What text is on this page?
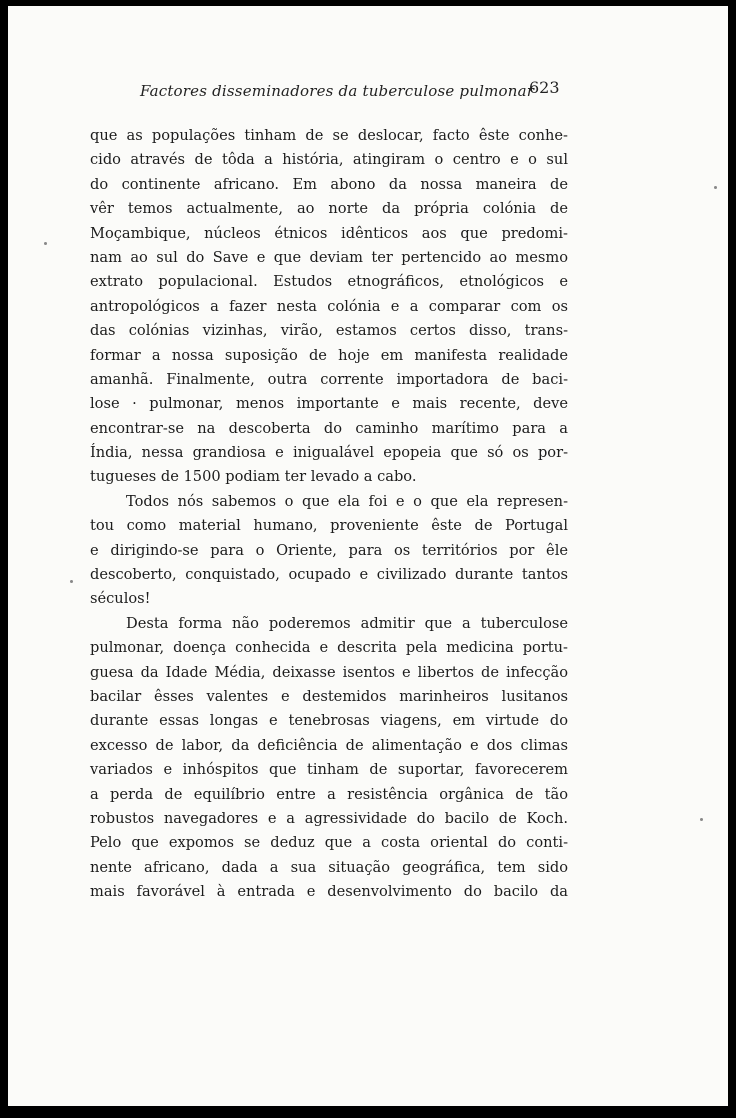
Factores disseminadores da tuberculose pulmonar
623
que as populações tinham de se deslocar, facto êste conhe-
cido através de tôda a história, atingiram o centro e o sul
do continente africano. Em abono da nossa maneira de
vêr temos actualmente, ao norte da própria colónia de
Moçambique, núcleos étnicos idênticos aos que predomi-
nam ao sul do Save e que deviam ter pertencido ao mesmo
extrato populacional. Estudos etnográficos, etnológicos e
antropológicos a fazer nesta colónia e a comparar com os
das colónias vizinhas, virão, estamos certos disso, trans-
formar a nossa suposição de hoje em manifesta realidade
amanhã. Finalmente, outra corrente importadora de baci-
lose · pulmonar, menos importante e mais recente, deve
encontrar-se na descoberta do caminho marítimo para a
Índia, nessa grandiosa e inigualável epopeia que só os por-
tugueses de 1500 podiam ter levado a cabo.
Todos nós sabemos o que ela foi e o que ela represen-
tou como material humano, proveniente êste de Portugal
e dirigindo-se para o Oriente, para os territórios por êle
descoberto, conquistado, ocupado e civilizado durante tantos
séculos!
Desta forma não poderemos admitir que a tuberculose
pulmonar, doença conhecida e descrita pela medicina portu-
guesa da Idade Média, deixasse isentos e libertos de infecção
bacilar êsses valentes e destemidos marinheiros lusitanos
durante essas longas e tenebrosas viagens, em virtude do
excesso de labor, da deficiência de alimentação e dos climas
variados e inhóspitos que tinham de suportar, favorecerem
a perda de equilíbrio entre a resistência orgânica de tão
robustos navegadores e a agressividade do bacilo de Koch.
Pelo que expomos se deduz que a costa oriental do conti-
nente africano, dada a sua situação geográfica, tem sido
mais favorável à entrada e desenvolvimento do bacilo da
